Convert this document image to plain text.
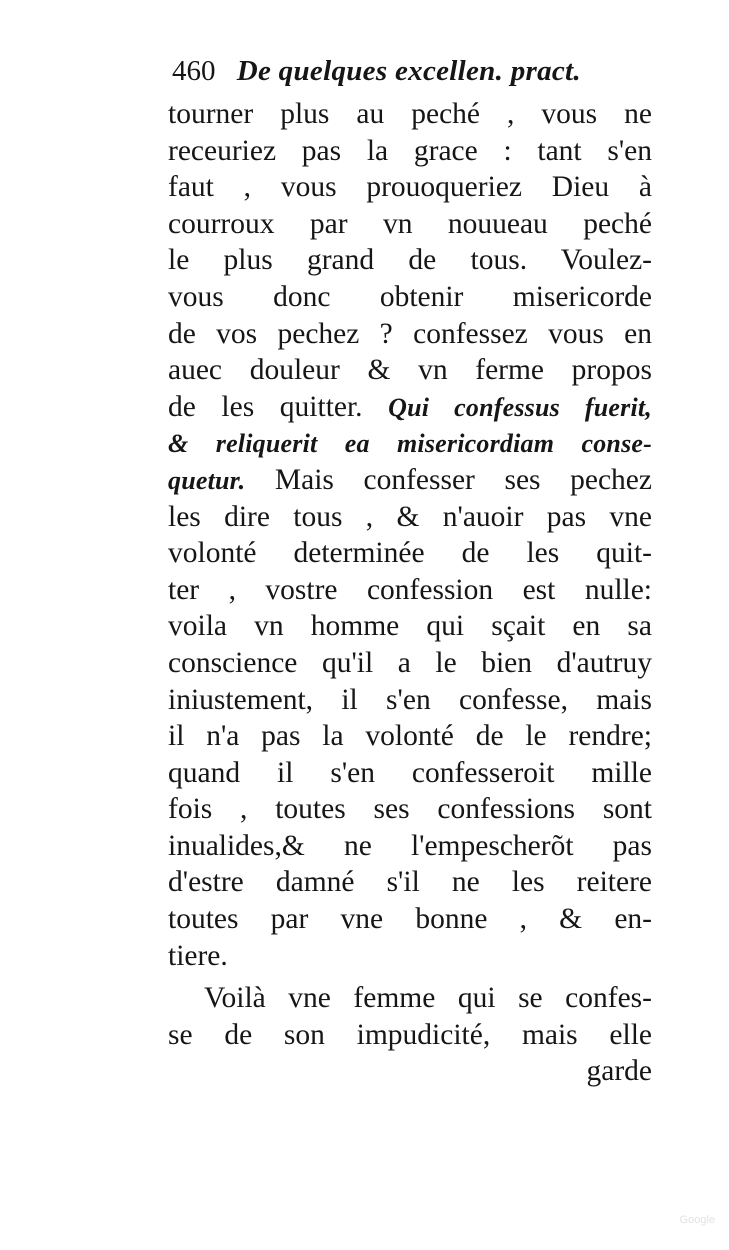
460 De quelques excellen. pract.
tourner plus au peché , vous ne
receuriez pas la grace : tant s'en
faut , vous prouoqueriez Dieu à
courroux par vn nouueau peché
le plus grand de tous. Voulez-
vous donc obtenir misericorde
de vos pechez ? confessez vous en
auec douleur & vn ferme propos
de les quitter. Qui confessus fuerit,
& reliquerit ea misericordiam conse-
quetur. Mais confesser ses pechez
les dire tous , & n'auoir pas vne
volonté determinée de les quit-
ter , vostre confession est nulle:
voila vn homme qui sçait en sa
conscience qu'il a le bien d'autruy
iniustement, il s'en confesse, mais
il n'a pas la volonté de le rendre;
quand il s'en confesseroit mille
fois , toutes ses confessions sont
inualides,& ne l'empescherõt pas
d'estre damné s'il ne les reitere
toutes par vne bonne , & en-
tiere.
Voilà vne femme qui se confes-
se de son impudicité, mais elle
garde
Google
